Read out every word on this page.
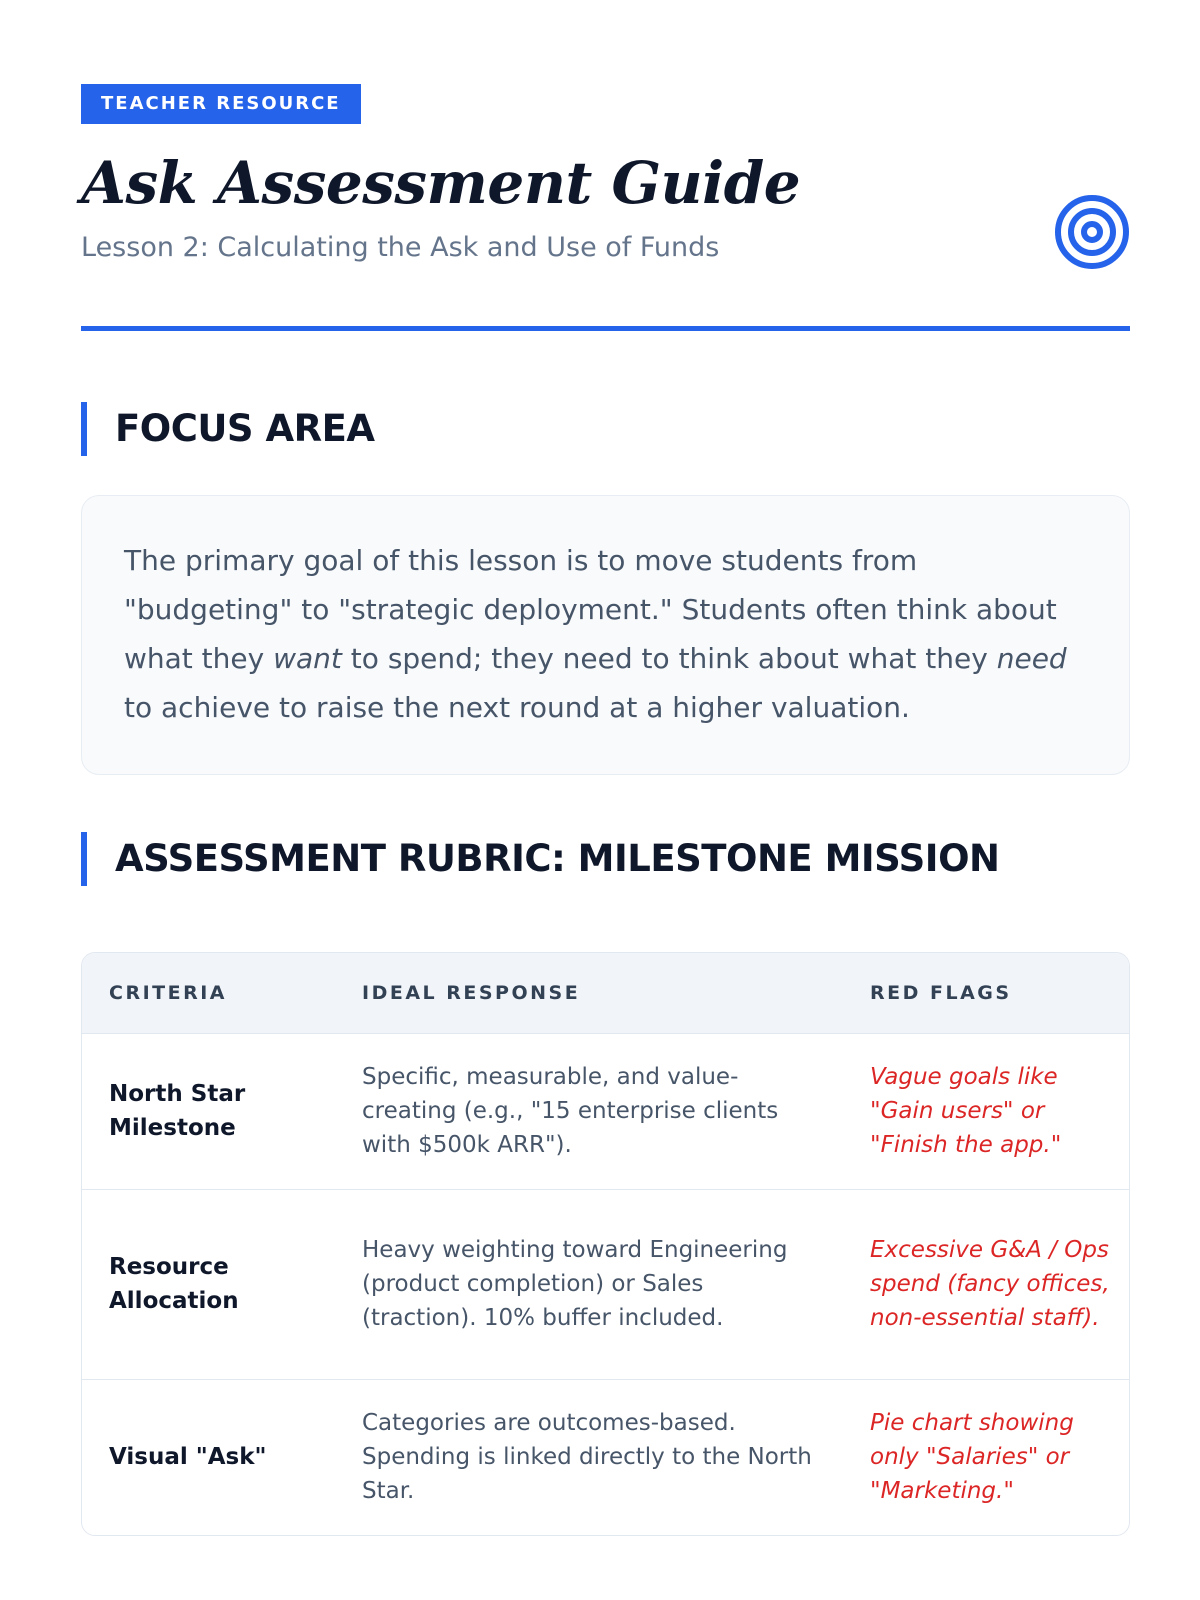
TEACHER RESOURCE
Ask Assessment Guide
Lesson 2: Calculating the Ask and Use of Funds
FOCUS AREA
The primary goal of this lesson is to move students from "budgeting" to "strategic deployment." Students often think about what they want to spend; they need to think about what they need to achieve to raise the next round at a higher valuation.
ASSESSMENT RUBRIC: MILESTONE MISSION
CRITERIA	IDEAL RESPONSE	RED FLAGS
North Star Milestone	Specific, measurable, and value-creating (e.g., "15 enterprise clients with $500k ARR").	Vague goals like "Gain users" or "Finish the app."
Resource Allocation	Heavy weighting toward Engineering (product completion) or Sales (traction). 10% buffer included.	Excessive G&A / Ops spend (fancy offices, non-essential staff).
Visual "Ask"	Categories are outcomes-based. Spending is linked directly to the North Star.	Pie chart showing only "Salaries" or "Marketing."
